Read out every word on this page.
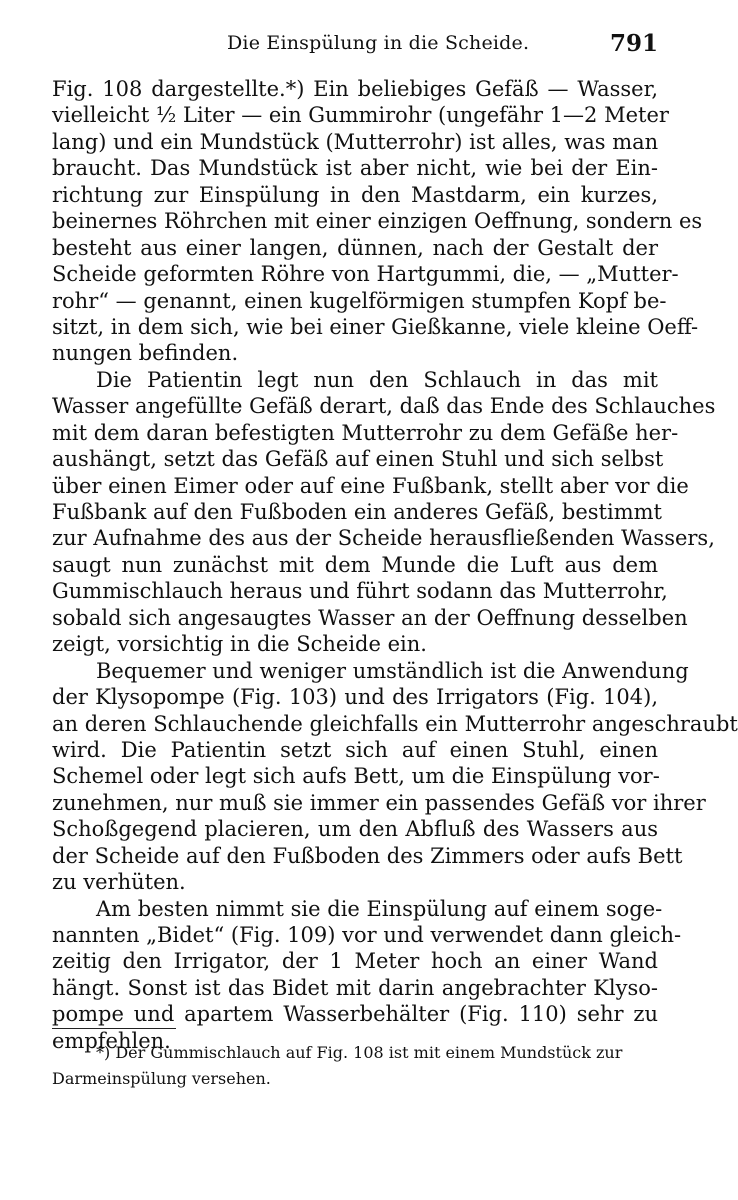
Die Einspülung in die Scheide.	791
Fig. 108 dargestellte.*) Ein beliebiges Gefäß — Wasser,
vielleicht ½ Liter — ein Gummirohr (ungefähr 1—2 Meter
lang) und ein Mundstück (Mutterrohr) ist alles, was man
braucht. Das Mundstück ist aber nicht, wie bei der Ein-
richtung zur Einspülung in den Mastdarm, ein kurzes,
beinernes Röhrchen mit einer einzigen Oeffnung, sondern es
besteht aus einer langen, dünnen, nach der Gestalt der
Scheide geformten Röhre von Hartgummi, die, — „Mutter-
rohr“ — genannt, einen kugelförmigen stumpfen Kopf be-
sitzt, in dem sich, wie bei einer Gießkanne, viele kleine Oeff-
nungen befinden.
Die Patientin legt nun den Schlauch in das mit
Wasser angefüllte Gefäß derart, daß das Ende des Schlauches
mit dem daran befestigten Mutterrohr zu dem Gefäße her-
aushängt, setzt das Gefäß auf einen Stuhl und sich selbst
über einen Eimer oder auf eine Fußbank, stellt aber vor die
Fußbank auf den Fußboden ein anderes Gefäß, bestimmt
zur Aufnahme des aus der Scheide herausfließenden Wassers,
saugt nun zunächst mit dem Munde die Luft aus dem
Gummischlauch heraus und führt sodann das Mutterrohr,
sobald sich angesaugtes Wasser an der Oeffnung desselben
zeigt, vorsichtig in die Scheide ein.
Bequemer und weniger umständlich ist die Anwendung
der Klysopompe (Fig. 103) und des Irrigators (Fig. 104),
an deren Schlauchende gleichfalls ein Mutterrohr angeschraubt
wird. Die Patientin setzt sich auf einen Stuhl, einen
Schemel oder legt sich aufs Bett, um die Einspülung vor-
zunehmen, nur muß sie immer ein passendes Gefäß vor ihrer
Schoßgegend placieren, um den Abfluß des Wassers aus
der Scheide auf den Fußboden des Zimmers oder aufs Bett
zu verhüten.
Am besten nimmt sie die Einspülung auf einem soge-
nannten „Bidet“ (Fig. 109) vor und verwendet dann gleich-
zeitig den Irrigator, der 1 Meter hoch an einer Wand
hängt. Sonst ist das Bidet mit darin angebrachter Klyso-
pompe und apartem Wasserbehälter (Fig. 110) sehr zu
empfehlen.
*) Der Gummischlauch auf Fig. 108 ist mit einem Mundstück zur
Darmeinspülung versehen.
